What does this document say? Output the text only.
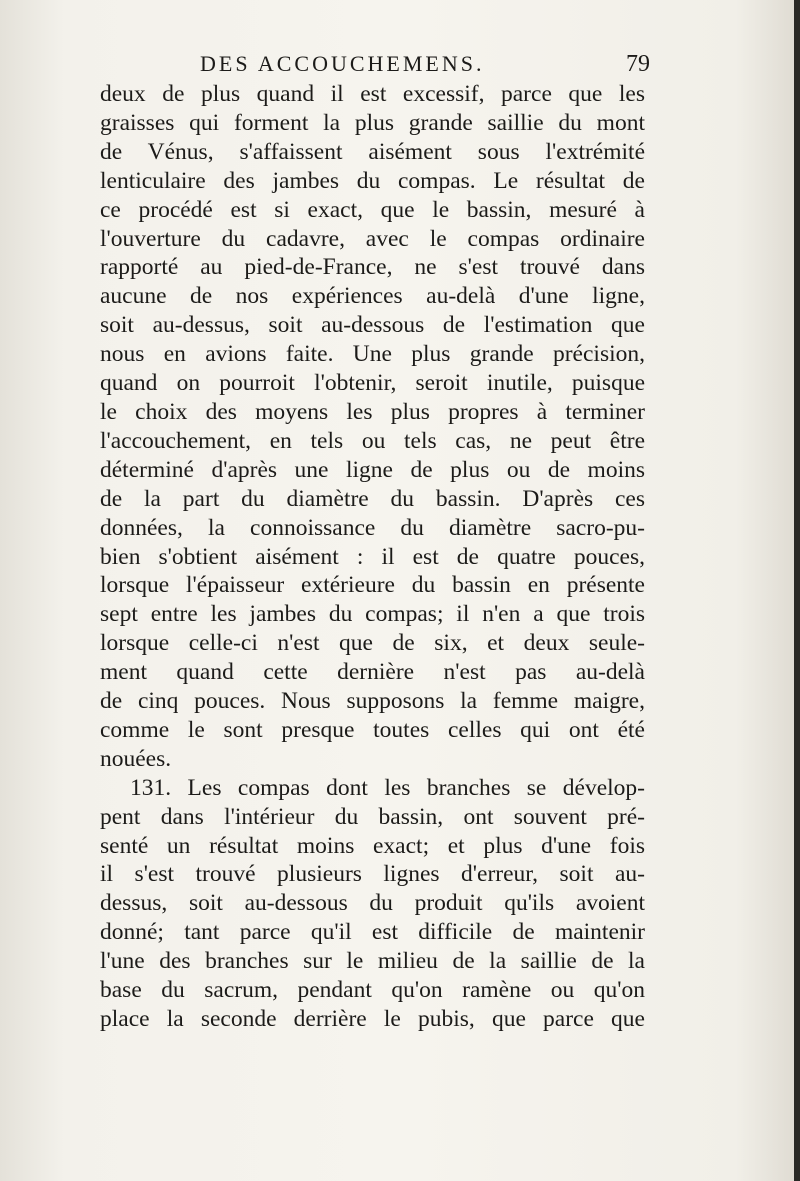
DES ACCOUCHEMENS.	79
deux de plus quand il est excessif, parce que les
graisses qui forment la plus grande saillie du mont
de Vénus, s'affaissent aisément sous l'extrémité
lenticulaire des jambes du compas. Le résultat de
ce procédé est si exact, que le bassin, mesuré à
l'ouverture du cadavre, avec le compas ordinaire
rapporté au pied-de-France, ne s'est trouvé dans
aucune de nos expériences au-delà d'une ligne,
soit au-dessus, soit au-dessous de l'estimation que
nous en avions faite. Une plus grande précision,
quand on pourroit l'obtenir, seroit inutile, puisque
le choix des moyens les plus propres à terminer
l'accouchement, en tels ou tels cas, ne peut être
déterminé d'après une ligne de plus ou de moins
de la part du diamètre du bassin. D'après ces
données, la connoissance du diamètre sacro-pu-
bien s'obtient aisément : il est de quatre pouces,
lorsque l'épaisseur extérieure du bassin en présente
sept entre les jambes du compas; il n'en a que trois
lorsque celle-ci n'est que de six, et deux seule-
ment quand cette dernière n'est pas au-delà
de cinq pouces. Nous supposons la femme maigre,
comme le sont presque toutes celles qui ont été
nouées.
131. Les compas dont les branches se dévelop-
pent dans l'intérieur du bassin, ont souvent pré-
senté un résultat moins exact; et plus d'une fois
il s'est trouvé plusieurs lignes d'erreur, soit au-
dessus, soit au-dessous du produit qu'ils avoient
donné; tant parce qu'il est difficile de maintenir
l'une des branches sur le milieu de la saillie de la
base du sacrum, pendant qu'on ramène ou qu'on
place la seconde derrière le pubis, que parce que
